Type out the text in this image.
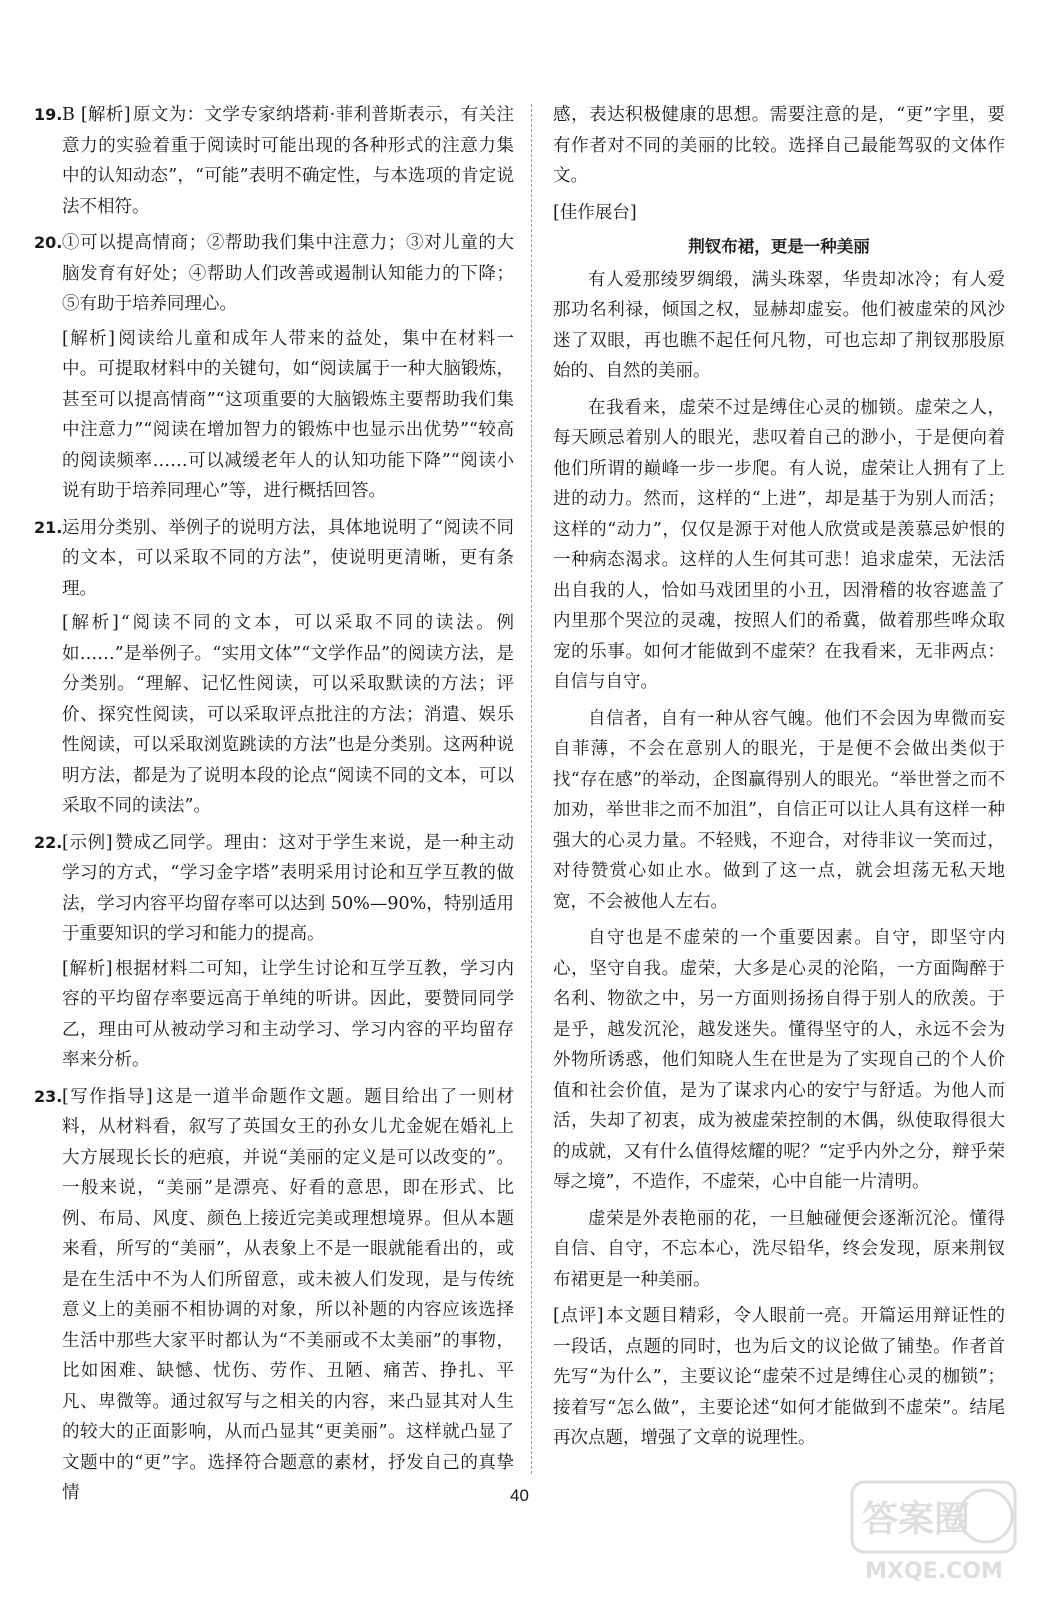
19. B [ 解析 ] 原文为：文学专家纳塔莉·菲利普斯表示，有关注意力的实验着重于阅读时可能出现的各种形式的注意力集中的认知动态”，“可能”表明不确定性，与本选项的肯定说法不相符。
20. ①可以提高情商；②帮助我们集中注意力；③对儿童的大脑发育有好处；④帮助人们改善或遏制认知能力的下降；⑤有助于培养同理心。
[ 解析 ] 阅读给儿童和成年人带来的益处，集中在材料一中。可提取材料中的关键句，如“阅读属于一种大脑锻炼，甚至可以提高情商”“这项重要的大脑锻炼主要帮助我们集中注意力”“阅读在增加智力的锻炼中也显示出优势”“较高的阅读频率……可以减缓老年人的认知功能下降”“阅读小说有助于培养同理心”等，进行概括回答。
21. 运用分类别、举例子的说明方法，具体地说明了“阅读不同的文本，可以采取不同的方法”，使说明更清晰，更有条理。
[ 解析 ] “阅读不同的文本，可以采取不同的读法。例如……”是举例子。“实用文体”“文学作品”的阅读方法，是分类别。“理解、记忆性阅读，可以采取默读的方法；评价、探究性阅读，可以采取评点批注的方法；消遣、娱乐性阅读，可以采取浏览跳读的方法”也是分类别。这两种说明方法，都是为了说明本段的论点“阅读不同的文本，可以采取不同的读法”。
22. [ 示例 ] 赞成乙同学。理由：这对于学生来说，是一种主动学习的方式，“学习金字塔”表明采用讨论和互学互教的做法，学习内容平均留存率可以达到 50%—90%，特别适用于重要知识的学习和能力的提高。
[ 解析 ] 根据材料二可知，让学生讨论和互学互教，学习内容的平均留存率要远高于单纯的听讲。因此，要赞同同学乙，理由可从被动学习和主动学习、学习内容的平均留存率来分析。
23. [ 写作指导 ] 这是一道半命题作文题。题目给出了一则材料，从材料看，叙写了英国女王的孙女儿尤金妮在婚礼上大方展现长长的疤痕，并说“美丽的定义是可以改变的”。一般来说，“美丽”是漂亮、好看的意思，即在形式、比例、布局、风度、颜色上接近完美或理想境界。但从本题来看，所写的“美丽”，从表象上不是一眼就能看出的，或是在生活中不为人们所留意，或未被人们发现，是与传统意义上的美丽不相协调的对象，所以补题的内容应该选择生活中那些大家平时都认为“不美丽或不太美丽”的事物，比如困难、缺憾、忧伤、劳作、丑陋、痛苦、挣扎、平凡、卑微等。通过叙写与之相关的内容，来凸显其对人生的较大的正面影响，从而凸显其“更美丽”。这样就凸显了文题中的“更”字。选择符合题意的素材，抒发自己的真挚情
感，表达积极健康的思想。需要注意的是，“更”字里，要有作者对不同的美丽的比较。选择自己最能驾驭的文体作文。
[ 佳作展台 ]
荆钗布裙，更是一种美丽

有人爱那绫罗绸缎，满头珠翠，华贵却冰冷；有人爱那功名利禄，倾国之权，显赫却虚妄。他们被虚荣的风沙迷了双眼，再也瞧不起任何凡物，可也忘却了荆钗那股原始的、自然的美丽。

在我看来，虚荣不过是缚住心灵的枷锁。虚荣之人，每天顾忌着别人的眼光，悲叹着自己的渺小，于是便向着他们所谓的巅峰一步一步爬。有人说，虚荣让人拥有了上进的动力。然而，这样的“上进”，却是基于为别人而活；这样的“动力”，仅仅是源于对他人欣赏或是羡慕忌妒恨的一种病态渴求。这样的人生何其可悲！追求虚荣，无法活出自我的人，恰如马戏团里的小丑，因滑稽的妆容遮盖了内里那个哭泣的灵魂，按照人们的希冀，做着那些哗众取宠的乐事。如何才能做到不虚荣？在我看来，无非两点：自信与自守。

自信者，自有一种从容气魄。他们不会因为卑微而妄自菲薄，不会在意别人的眼光，于是便不会做出类似于找“存在感”的举动，企图赢得别人的眼光。“举世誉之而不加劝，举世非之而不加沮”，自信正可以让人具有这样一种强大的心灵力量。不轻贱，不迎合，对待非议一笑而过，对待赞赏心如止水。做到了这一点，就会坦荡无私天地宽，不会被他人左右。

自守也是不虚荣的一个重要因素。自守，即坚守内心，坚守自我。虚荣，大多是心灵的沦陷，一方面陶醉于名利、物欲之中，另一方面则扬扬自得于别人的欣羡。于是乎，越发沉沦，越发迷失。懂得坚守的人，永远不会为外物所诱惑，他们知晓人生在世是为了实现自己的个人价值和社会价值，是为了谋求内心的安宁与舒适。为他人而活，失却了初衷，成为被虚荣控制的木偶，纵使取得很大的成就，又有什么值得炫耀的呢？“定乎内外之分，辩乎荣辱之境”，不造作，不虚荣，心中自能一片清明。

虚荣是外表艳丽的花，一旦触碰便会逐渐沉沦。懂得自信、自守，不忘本心，洗尽铅华，终会发现，原来荆钗布裙更是一种美丽。

[ 点评 ] 本文题目精彩，令人眼前一亮。开篇运用辩证性的一段话，点题的同时，也为后文的议论做了铺垫。作者首先写“为什么”，主要议论“虚荣不过是缚住心灵的枷锁”；接着写“怎么做”，主要论述“如何才能做到不虚荣”。结尾再次点题，增强了文章的说理性。
40
答案圈
MXQE.COM
